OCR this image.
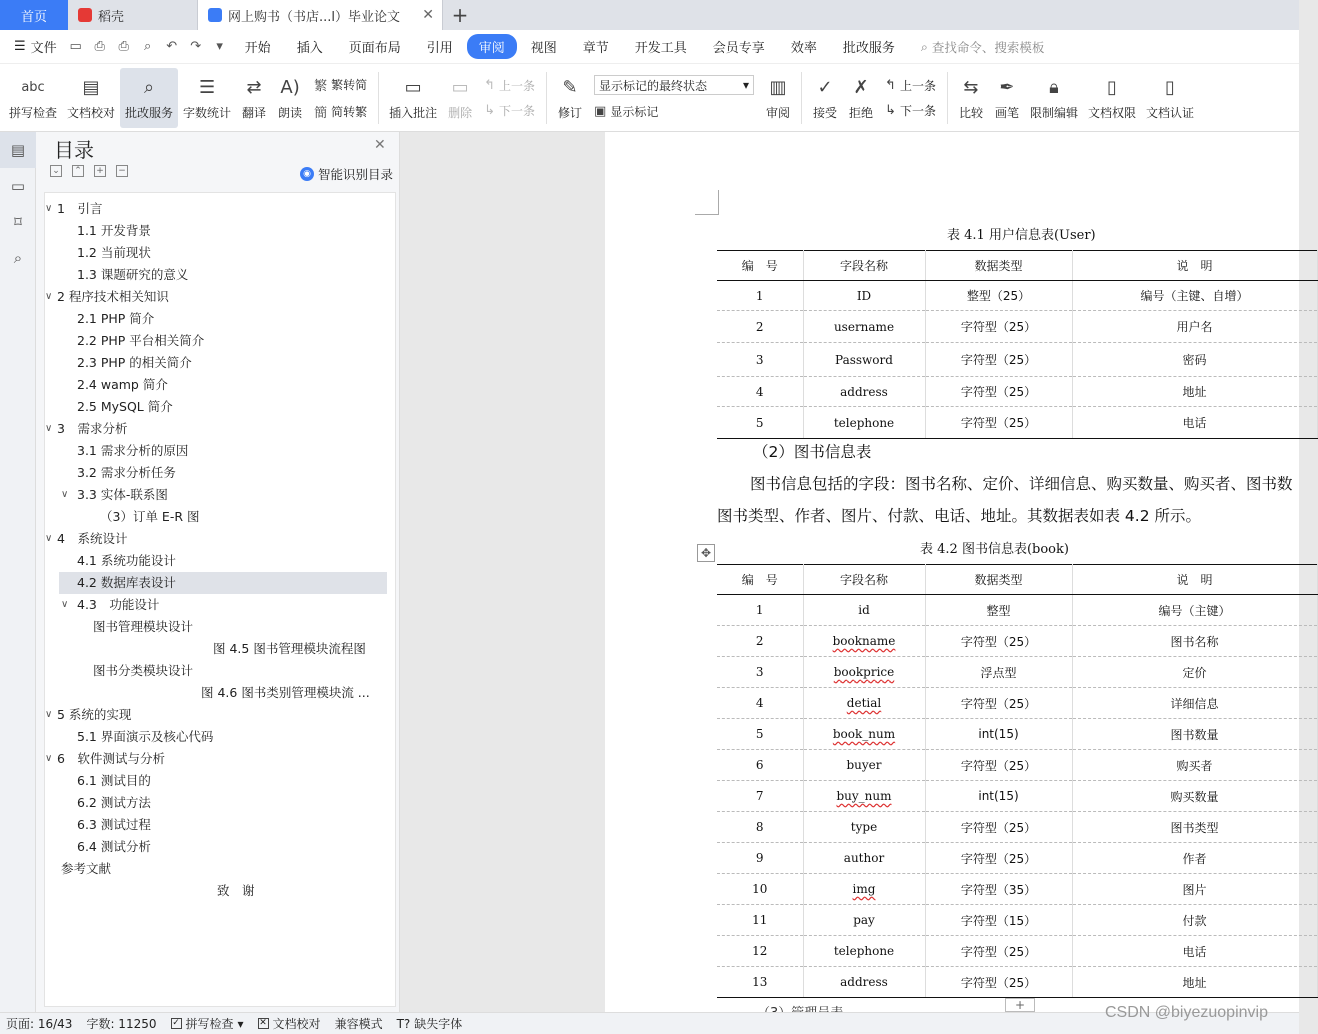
首页	稻壳	网上购书（书店...l）毕业论文 ✕ +
☰ 文件 ▭ ⎙	⎙	⌕	↶	↷	▾	开始	插入	页面布局	引用	审阅	视图	章节	开发工具	会员专享	效率	批改服务	⌕ 查找命令、搜索模板
abc
拼写检查
▤
文档校对
⌕
批改服务
☰
字数统计
⇄
翻译
A)
朗读
繁 繁转简
簡 简转繁
▭
插入批注
▭
删除
↰ 上一条
↳ 下一条
✎
修订
显示标记的最终状态	▾
▣ 显示标记
▥
审阅
✓
接受
✗
拒绝
↰ 上一条
↳ 下一条
⇆
比较
✒
画笔
🔒︎
限制编辑
▯
文档权限
▯
文档认证
▤
▭
⌑
⌕
目录	✕
⌄ ⌃ + −	◉ 智能识别目录
∨ 1　引言
1.1 开发背景
1.2 当前现状
1.3 课题研究的意义
∨ 2 程序技术相关知识
2.1 PHP 简介
2.2 PHP 平台相关简介
2.3 PHP 的相关简介
2.4 wamp 简介
2.5 MySQL 简介
∨ 3　需求分析
3.1 需求分析的原因
3.2 需求分析任务
∨ 3.3 实体-联系图
（3）订单 E-R 图
∨ 4　系统设计
4.1 系统功能设计
4.2 数据库表设计
∨ 4.3　功能设计
图书管理模块设计
图 4.5 图书管理模块流程图
图书分类模块设计
图 4.6 图书类别管理模块流 ...
∨ 5 系统的实现
5.1 界面演示及核心代码
∨ 6　软件测试与分析
6.1 测试目的
6.2 测试方法
6.3 测试过程
6.4 测试分析
参考文献
致　谢
表 4.1 用户信息表(User)
编　号	字段名称	数据类型	说　明
1	ID	整型（25）	编号（主键、自增）
2	username	字符型（25）	用户名
3	Password	字符型（25）	密码
4	address	字符型（25）	地址
5	telephone	字符型（25）	电话
（2）图书信息表
图书信息包括的字段：图书名称、定价、详细信息、购买数量、购买者、图书数
图书类型、作者、图片、付款、电话、地址。其数据表如表 4.2 所示。
✥	表 4.2 图书信息表(book)
编　号	字段名称	数据类型	说　明
1	id	整型	编号（主键）
2	bookname	字符型（25）	图书名称
3	bookprice	浮点型	定价
4	detial	字符型（25）	详细信息
5	book_num	int(15)	图书数量
6	buyer	字符型（25）	购买者
7	buy_num	int(15)	购买数量
8	type	字符型（25）	图书类型
9	author	字符型（25）	作者
10	img	字符型（35）	图片
11	pay	字符型（15）	付款
12	telephone	字符型（25）	电话
13	address	字符型（25）	地址
+
页面: 16/43 字数: 11250 ✓ 拼写检查 ▾ ✕ 文档校对 兼容模式 T? 缺失字体
CSDN @biyezuopinvip
